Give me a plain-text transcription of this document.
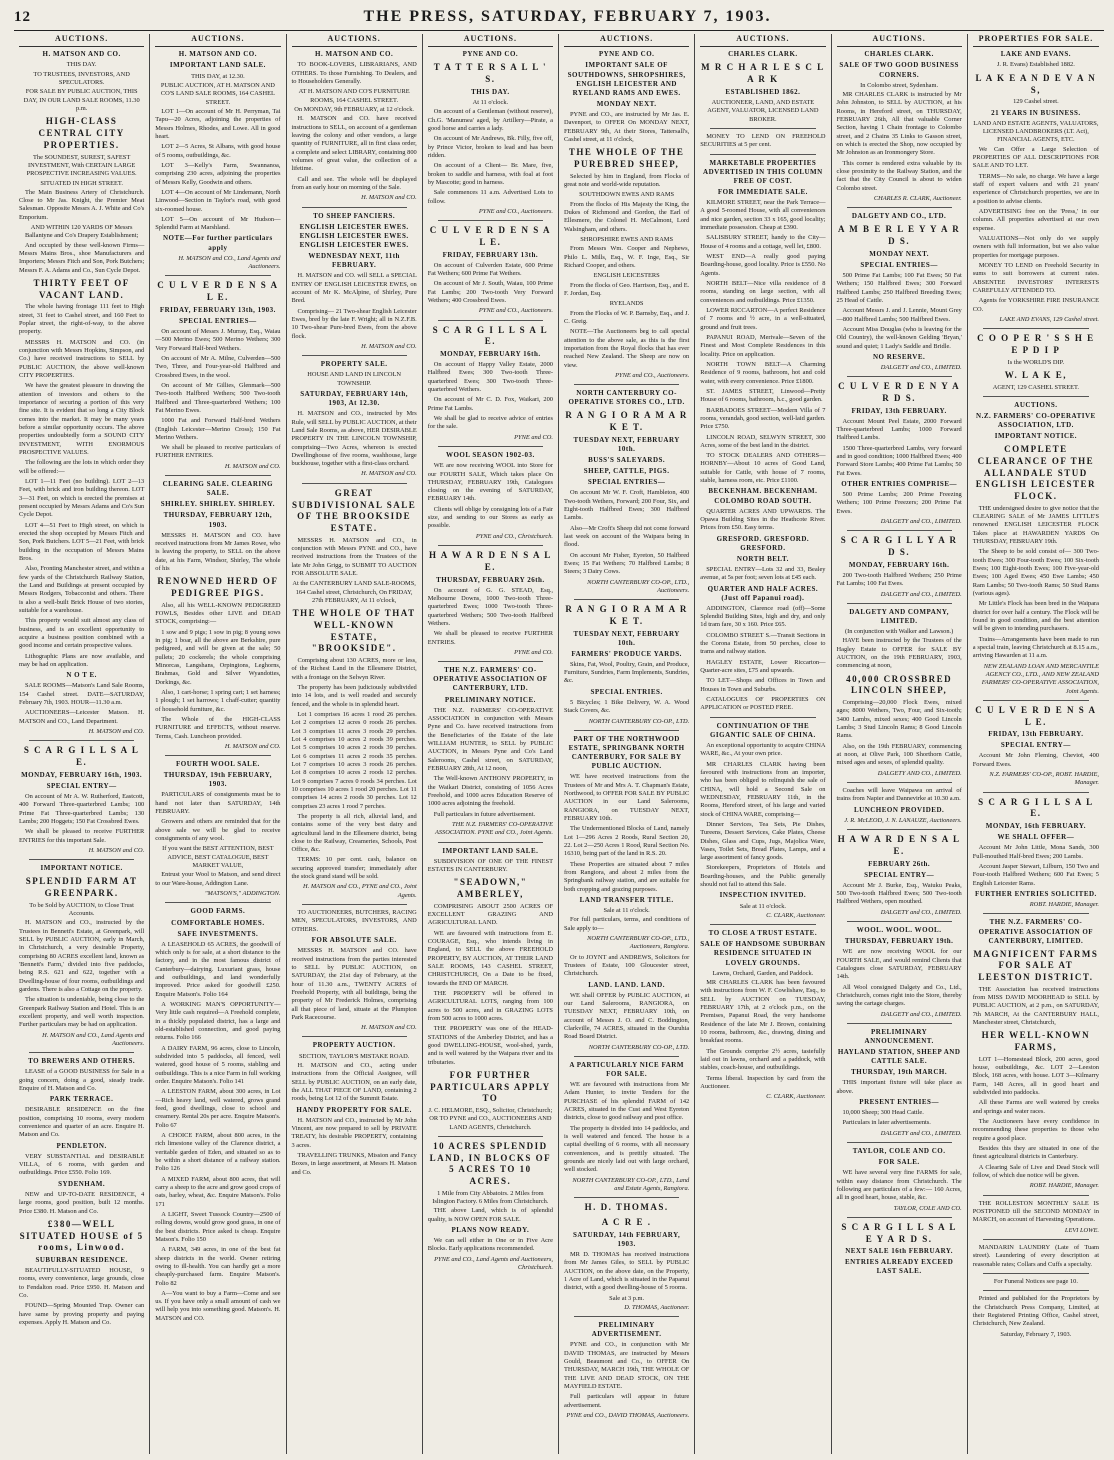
12	THE PRESS, SATURDAY, FEBRUARY 7, 1903.
AUCTIONS.
H. MATSON AND CO.
THIS DAY.
TO TRUSTEES, INVESTORS, AND SPECULATORS.
FOR SALE BY PUBLIC AUCTION, THIS DAY, IN OUR LAND SALE ROOMS, 11.30 p.m.
HIGH-CLASS CENTRAL CITY PROPERTIES.
The SOUNDEST, SUREST, SAFEST INVESTMENT, With CERTAIN LARGE PROSPECTIVE INCREASING VALUES.
SITUATED IN HIGH STREET.

The Main Business Artery of Christchurch. Close to Mr Jas. Knight, the Premier Meat Salesman. Opposite Messrs A. J. White and Co's Emporium.

AND WITHIN 120 YARDS OF Messrs Ballantyne and Co's Drapery Establishment;

And occupied by these well-known Firms—Messrs Mains Bros., shoe Manufacturers and Importers; Messrs Fitch and Son, Pork Butchers; Messrs F. A. Adams and Co., Sun Cycle Depot.

THIRTY FEET OF VACANT LAND.

The whole having frontage 111 feet to High street, 31 feet to Cashel street, and 160 Feet to Poplar street, the right-of-way, to the above property.

MESSRS H. MATSON and CO. (in conjunction with Messrs Hopkins, Simpson, and Co.) have received instructions to SELL by PUBLIC AUCTION, the above well-known CITY PROPERTIES.

We have the greatest pleasure in drawing the attention of investors and others to the importance of securing a portion of this very fine site. It is evident that so long a City Block comes into the market. It may be many years before a similar opportunity occurs. The above properties undoubtedly form a SOUND CITY INVESTMENT, WITH ENORMOUS PROSPECTIVE VALUES.

The following are the lots in which order they will be offered:—

LOT 1—11 Feet (no building). LOT 2—13 Feet, with brick and iron building thereon. LOT 3—31 Feet, on which is erected the premises at present occupied by Messrs Adams and Co's Sun Cycle Depot.

LOT 4—51 Feet to High street, on which is erected the shop occupied by Messrs Fitch and Son, Pork Butchers. LOT 5—21 Feet, with brick building in the occupation of Messrs Mains Bros.

Also, Fronting Manchester street, and within a few yards of the Christchurch Railway Station, the Land and Buildings at present occupied by Messrs Rodgers, Tobacconist and others. There is also a well-built Brick House of two stories, suitable for a warehouse.

This property would suit almost any class of business, and is an excellent opportunity to acquire a business position combined with a good income and certain prospective values.

Lithographic Plans are now available, and may be had on application.

N O T E.

SALE ROOMS—Matson's Land Sale Rooms, 154 Cashel street. DATE—SATURDAY, February 7th, 1903. HOUR—11.30 a.m.

AUCTIONEERS—Leicester Matson. H. MATSON and CO., Land Department.

H. MATSON and CO.
S C A R G I L L S A L E.
MONDAY, FEBRUARY 16th, 1903.
SPECIAL ENTRY—

On account of Mr A. W. Rutherford, Eastcott, 400 Forward Three-quarterbred Lambs; 100 Prime Fat Three-quarterbred Lambs; 130 Lambs; 200 Hoggets; 150 Fat Crossbred Ewes.

We shall be pleased to receive FURTHER ENTRIES for this important Sale.

H. MATSON and CO.
IMPORTANT NOTICE.
SPLENDID FARM AT GREENPARK.
To be Sold by AUCTION, to Close Trust Accounts.

H. MATSON and CO., instructed by the Trustees in Bennett's Estate, at Greenpark, will SELL by PUBLIC AUCTION, early in March, in Christchurch, a very desirable Property, comprising 80 ACRES excellent land, known as 'Bennett's Farm,' divided into five paddocks, being R.S. 621 and 622, together with a Dwelling-house of four rooms, outbuildings and gardens. There is also a Cottage on the property.

The situation is undeniable, being close to the Greenpark Railway Station and Hotel. This is an excellent property, and well worth inspection. Further particulars may be had on application.

H. MATSON and CO., Land Agents and Auctioneers.
TO BREWERS AND OTHERS.

LEASE of a GOOD BUSINESS for Sale in a going concern, doing a good, steady trade. Enquire of H. Matson and Co.

PARK TERRACE.

DESIRABLE RESIDENCE on the fine position, comprising 10 rooms, every modern convenience and quarter of an acre. Enquire H. Matson and Co.

PENDLETON.

VERY SUBSTANTIAL and DESIRABLE VILLA, of 6 rooms, with garden and outbuildings. Price £550. Folio 169.

SYDENHAM.

NEW and UP-TO-DATE RESIDENCE, 4 large rooms, good position, built 12 months. Price £380. H. Matson and Co.

£380—WELL SITUATED HOUSE of 5 rooms, Linwood.
SUBURBAN RESIDENCE.

BEAUTIFULLY-SITUATED HOUSE, 9 rooms, every convenience, large grounds, close to Fendalton road. Price £950. H. Matson and Co.

FOUND—Spring Mounted Trap. Owner can have same by proving property and paying expenses. Apply H. Matson and Co.

AUCTIONS.
H. MATSON AND CO.
IMPORTANT LAND SALE.
THIS DAY, at 12.30.
PUBLIC AUCTION, AT H. MATSON AND CO'S LAND SALE ROOMS, 164 CASHEL STREET.

LOT 1—On account of Mr H. Perryman, Tai Tapu—20 Acres, adjoining the properties of Messrs Holmes, Rhodes, and Lowe. All in good heart.

LOT 2—5 Acres, St Albans, with good house of 5 rooms, outbuildings, &c.

LOT 3—Kelly's Farm, Swannanoa, comprising 230 acres, adjoining the properties of Messrs Kelly, Goodwin and others.

LOT 4—On account of Mr Lindemann, North Linwood—Section in Taylor's road, with good six-roomed house.

LOT 5—On account of Mr Hudson—Splendid Farm at Marshland.

NOTE—For further particulars apply
H. MATSON and CO., Land Agents and Auctioneers.
C U L V E R D E N S A L E.
FRIDAY, FEBRUARY 13th, 1903.
SPECIAL ENTRIES—

On account of Messrs J. Murray, Esq., Waiau—500 Merino Ewes; 500 Merino Wethers; 300 Very Forward Half-bred Wethers.

On account of Mr A. Milne, Culverden—500 Two, Three, and Four-year-old Halfbred and Crossbred Ewes, in the wool.

On account of Mr Gillies, Glenmark—500 Two-tooth Halfbred Wethers; 500 Two-tooth Halfbred and Three-quarterbred Wethers; 100 Fat Merino Ewes.

1000 Fat and Forward Half-bred Wethers (English Leicester—Merino Cross); 150 Fat Merino Wethers.

We shall be pleased to receive particulars of FURTHER ENTRIES.

H. MATSON and CO.
CLEARING SALE. CLEARING SALE.
SHIRLEY. SHIRLEY. SHIRLEY.
THURSDAY, FEBRUARY 12th, 1903.

MESSRS H. MATSON and CO. have received instructions from Mr James Rowe, who is leaving the property, to SELL on the above date, at his Farm, Windsor, Shirley, The whole of his

RENOWNED HERD OF PEDIGREE PIGS.

Also, all his WELL-KNOWN PEDIGREED FOWLS, Besides other LIVE and DEAD STOCK, comprising:—

1 sow and 9 pigs; 1 sow in pig; 8 young sows in pig; 1 boar, all the above are Berkshire, pure pedigreed, and will be given at the sale; 50 pullets; 20 cockerels; the whole comprising Minorcas, Langshans, Orpingtons, Leghorns, Brahmas, Gold and Silver Wyandottes, Dorkings, &c.

Also, 1 cart-horse; 1 spring cart; 1 set harness; 1 plough; 1 set harrows; 1 chaff-cutter; quantity of household furniture, &c.

The Whole of the HIGH-CLASS FURNITURE and EFFECTS, without reserve. Terms, Cash. Luncheon provided.

H. MATSON and CO.
FOURTH WOOL SALE.
THURSDAY, 19th FEBRUARY, 1903.

PARTICULARS of consignments must be to hand not later than SATURDAY, 14th FEBRUARY.

Growers and others are reminded that for the above sale we will be glad to receive consignments of any wool.

If you want the BEST ATTENTION, BEST ADVICE, BEST CATALOGUE, BEST MARKET VALUE,

Entrust your Wool to Matson, and send direct to our Ware-house, Addington Lane.

"MATSON'S," ADDINGTON.
GOOD FARMS.
COMFORTABLE HOMES.
SAFE INVESTMENTS.

A LEASEHOLD 65 ACRES, the goodwill of which only is for sale, at a short distance to the factory, and in the most famous district of Canterbury—dairying. Luxuriant grass, house and outbuildings, and land wonderfully improved. Price asked for goodwill £250. Enquire Matson's. Folio 164

A WORKING MAN'S OPPORTUNITY—Very little cash required—A Freehold complete, in a thickly populated district, has a large and old-established connection, and good paying returns. Folio 166

A DAIRY FARM, 96 acres, close to Lincoln, subdivided into 5 paddocks, all fenced, well watered, good house of 5 rooms, stabling and outbuildings. This is a nice Farm in full working order. Enquire Matson's. Folio 141

A LEESTON FARM, about 300 acres, in Lot—Rich heavy land, well watered, grows grand feed, good dwellings, close to school and creamery. Rental 20s per acre. Enquire Matson's. Folio 67

A CHOICE FARM, about 800 acres, in the rich limestone valley of the Clarence district, a veritable garden of Eden, and situated so as to be within a short distance of a railway station. Folio 126

A MIXED FARM, about 800 acres, that will carry a sheep to the acre and grow good crops of oats, barley, wheat, &c. Enquire Matson's. Folio 171

A LIGHT, Sweet Tussock Country—2500 of rolling downs, would grow good grass, in one of the best districts. Price asked is cheap. Enquire Matson's. Folio 150

A FARM, 349 acres, in one of the best fat sheep districts in the world. Owner retiring owing to ill-health. You can hardly get a more cheaply-purchased farm. Enquire Matson's. Folio 82

A—You want to buy a Farm—Come and see us. If you have only a small amount of cash we will help you into something good. Matson's. H. MATSON and CO.

AUCTIONS.
H. MATSON AND CO.

TO BOOK-LOVERS, LIBRARIANS, AND OTHERS. To those Furnishing. To Dealers, and to Householders Generally.

AT H. MATSON AND CO'S FURNITURE ROOMS, 164 CASHEL STREET.
On MONDAY, 9th FEBRUARY, at 12 o'clock.

H. MATSON and CO. have received instructions to SELL, on account of a gentleman leaving the colony and other vendors, a large quantity of FURNITURE, all in first class order, a complete and select LIBRARY, containing 800 volumes of great value, the collection of a lifetime.

Call and see. The whole will be displayed from an early hour on morning of the Sale.

H. MATSON and CO.
TO SHEEP FANCIERS.
ENGLISH LEICESTER EWES. ENGLISH LEICESTER EWES. ENGLISH LEICESTER EWES.
WEDNESDAY NEXT, 11th FEBRUARY.

H. MATSON and CO. will SELL a SPECIAL ENTRY OF ENGLISH LEICESTER EWES, on account of Mr K. McAlpine, of Shirley, Pure Bred.

Comprising— 21 Two-shear English Leicester Ewes, bred by the late F. Wright; all in N.Z.F.B. 10 Two-shear Pure-bred Ewes, from the above flock.

H. MATSON and CO.
PROPERTY SALE.
HOUSE AND LAND IN LINCOLN TOWNSHIP.
SATURDAY, FEBRUARY 14th, 1903, At 12.30.

H. MATSON and CO., instructed by Mrs Rule, will SELL by PUBLIC AUCTION, at their Land Sale Rooms, as above, HER DESIRABLE PROPERTY IN THE LINCOLN TOWNSHIP, comprising—Two Acres, whereon is erected Dwellinghouse of five rooms, washhouse, large buckhouse, together with a first-class orchard.

H. MATSON and CO.
GREAT SUBDIVISIONAL SALE OF THE BROOKSIDE ESTATE.

MESSRS H. MATSON and CO., in conjunction with Messrs PYNE and CO., have received instructions from the Trustees of the late Mr John Grigg, to SUBMIT TO AUCTION FOR ABSOLUTE SALE.

At the CANTERBURY LAND SALE-ROOMS, 164 Cashel street, Christchurch, On FRIDAY, 27th FEBRUARY, At 11 o'clock,
THE WHOLE OF THAT WELL-KNOWN ESTATE, "BROOKSIDE".

Comprising about 130 ACRES, more or less, of the Richest Land in the Ellesmere District, with a frontage on the Selwyn River.

The property has been judiciously subdivided into 14 lots, and is well roaded and securely fenced, and the whole is in splendid heart.

Lot 1 comprises 16 acres 1 rood 26 perches. Lot 2 comprises 12 acres 0 roods 26 perches. Lot 3 comprises 11 acres 3 roods 29 perches. Lot 4 comprises 10 acres 2 roods 39 perches. Lot 5 comprises 10 acres 2 roods 39 perches. Lot 6 comprises 11 acres 2 roods 35 perches. Lot 7 comprises 10 acres 3 roods 26 perches. Lot 8 comprises 10 acres 2 roods 12 perches. Lot 9 comprises 7 acres 0 roods 34 perches. Lot 10 comprises 10 acres 1 rood 20 perches. Lot 11 comprises 14 acres 2 roods 30 perches. Lot 12 comprises 23 acres 1 rood 7 perches.

The property is all rich, alluvial land, and contains some of the very best dairy and agricultural land in the Ellesmere district, being close to the Railway, Creameries, Schools, Post Office, &c.

TERMS: 10 per cent. cash, balance on securing approved transfer; immediately after the stock grand stand will be sold.

H. MATSON and CO., PYNE and CO., Joint Agents.

TO AUCTIONEERS, BUTCHERS, RACING MEN, SPECULATORS, INVESTORS, AND OTHERS.

FOR ABSOLUTE SALE.

MESSRS H. MATSON and CO. have received instructions from the parties interested to SELL by PUBLIC AUCTION, on SATURDAY, the 21st day of February, at the hour of 11.30 a.m., TWENTY ACRES of Freehold Property, with all buildings, being the property of Mr Frederick Holmes, comprising all that piece of land, situate at the Plumpton Park Racecourse.

H. MATSON and CO.
PROPERTY AUCTION.
SECTION, TAYLOR'S MISTAKE ROAD.

H. MATSON and CO., acting under instructions from the Official Assignee, will SELL by PUBLIC AUCTION, on an early date, the ALL THAT PIECE OF LAND, containing 2 roods, being Lot 12 of the Summit Estate.

HANDY PROPERTY FOR SALE.

H. MATSON and CO., instructed by Mr John Vincent, are now prepared to sell by PRIVATE TREATY, his desirable PROPERTY, containing 3 acres.

TRAVELLING TRUNKS, Mission and Fancy Boxes, in large assortment, at Messrs H. Matson and Co.

AUCTIONS.
PYNE AND CO.
T A T T E R S A L L ' S.
THIS DAY.
At 11 o'clock.

On account of a Gentleman (without reserve), Ch.G. 'Manumea' aged, by Artillery—Pirate, a good horse and carries a lady.

On account of Mr Andrews, Bk. Filly, five off, by Prince Victor, broken to lead and has been ridden.

On account of a Client— Br. Mare, five, broken to saddle and harness, with foal at foot by Mascotte; good in harness.

Sale commences 11 a.m. Advertised Lots to follow.

PYNE and CO., Auctioneers.
C U L V E R D E N S A L E.
FRIDAY, FEBRUARY 13th.

On account of Culverden Estate, 600 Prime Fat Wethers; 600 Prime Fat Wethers.

On account of Mr J. South, Waiau, 100 Prime Fat Lambs; 200 Two-tooth Very Forward Wethers; 400 Crossbred Ewes.

PYNE and CO., Auctioneers.
S C A R G I L L S A L E.
MONDAY, FEBRUARY 16th.

On account of Happy Valley Estate, 2000 Halfbred Ewes; 300 Two-tooth Three-quarterbred Ewes; 300 Two-tooth Three-quarterbred Wethers.

On account of Mr C. D. Fox, Waikari, 200 Prime Fat Lambs.

We shall be glad to receive advice of entries for the sale.

PYNE and CO.
WOOL SEASON 1902-03.

WE are now receiving WOOL into Store for our FOURTH SALE, Which takes place On THURSDAY, FEBRUARY 19th, Catalogues closing on the evening of SATURDAY, FEBRUARY 14th.

Clients will oblige by consigning lots of a Fair size, and sending to our Stores as early as possible.

PYNE and CO., Christchurch.
H A W A R D E N S A L E.
THURSDAY, FEBRUARY 26th.

On account of G. G. STEAD, Esq., Melbourne Downs, 1000 Two-tooth Three-quarterbred Ewes; 1000 Two-tooth Three-quarterbred Wethers; 500 Two-tooth Halfbred Wethers.

We shall be pleased to receive FURTHER ENTRIES.

PYNE and CO.
THE N.Z. FARMERS' CO-OPERATIVE ASSOCIATION OF CANTERBURY, LTD.
PRELIMINARY NOTICE.

THE N.Z. FARMERS' CO-OPERATIVE ASSOCIATION in conjunction with Messrs Pyne and Co. have received instructions from the Beneficiaries of the Estate of the late WILLIAM HUNTER, to SELL by PUBLIC AUCTION, in Messrs Pyne and Co's Land Salerooms, Cashel street, on SATURDAY, FEBRUARY 28th, At 12 noon,

The Well-known ANTHONY PROPERTY, in the Waikari District, consisting of 1056 Acres Freehold, and 1000 acres Education Reserve of 1000 acres adjoining the freehold.

Full particulars in future advertisement.

THE N.Z. FARMERS' CO-OPERATIVE ASSOCIATION. PYNE and CO., Joint Agents.
IMPORTANT LAND SALE.

SUBDIVISION OF ONE OF THE FINEST ESTATES IN CANTERBURY.

"SEADOWN," AMBERLEY,

COMPRISING ABOUT 2500 ACRES OF EXCELLENT GRAZING AND AGRICULTURAL LAND.

WE are favoured with instructions from E. COURAGE, Esq., who intends living in England, to SELL the above FREEHOLD PROPERTY, BY AUCTION, AT THEIR LAND SALE ROOMS, 143 CASHEL STREET, CHRISTCHURCH, On a Date to be fixed, towards the END OF MARCH.

THE PROPERTY will be offered in AGRICULTURAL LOTS, ranging from 100 acres to 500 acres, and in GRAZING LOTS from 500 acres to 1000 acres.

THE PROPERTY was one of the HEAD-STATIONS of the Amberley District, and has a good DWELLING-HOUSE, wool-shed, yards, and is well watered by the Waipara river and its tributaries.

FOR FURTHER PARTICULARS APPLY TO
J. C. HELMORE, ESQ., Solicitor, Christchurch; OR TO PYNE and CO., AUCTIONEERS AND LAND AGENTS, Christchurch.
10 ACRES SPLENDID LAND, IN BLOCKS OF 5 ACRES TO 10 ACRES.
1 Mile from City Abbatoirs. 2 Miles from Islington Factory. 6 Miles from Christchurch.

THE above Land, which is of splendid quality, is NOW OPEN FOR SALE.

PLANS NOW READY.

We can sell either in One or in Five Acre Blocks. Early applications recommended.

PYNE and CO., Land Agents and Auctioneers, Christchurch.
AUCTIONS.
PYNE AND CO.
IMPORTANT SALE OF SOUTHDOWNS, SHROPSHIRES, ENGLISH LEICESTER AND RYELAND RAMS AND EWES.
MONDAY NEXT.

PYNE and CO., are instructed by Mr Jas. E. Davenport, to OFFER On MONDAY NEXT, FEBRUARY 9th, At their Stores, Tattersall's, Cashel street, at 11 o'clock,

THE WHOLE OF THE PUREBRED SHEEP,

Selected by him in England, from Flocks of great note and world-wide reputation.

SOUTHDOWN EWES AND RAMS

From the flocks of His Majesty the King, the Dukes of Richmond and Gordon, the Earl of Ellesmere, the Colonel H. McCalmont, Lord Walsingham, and others.

SHROPSHIRE EWES AND RAMS

From Messrs Wm. Cooper and Nephews, Philo L. Mills, Esq., W. F. Inge, Esq., Sir Richard Cooper, and others.

ENGLISH LEICESTERS

From the flocks of Geo. Harrison, Esq., and E. F. Jordan, Esq.

RYELANDS

From the Flocks of W. P. Barnsby, Esq., and J. C. Greig.

NOTE—The Auctioneers beg to call special attention to the above sale, as this is the first importation from the Royal flocks that has ever reached New Zealand. The Sheep are now on view.

PYNE and CO., Auctioneers.
NORTH CANTERBURY CO-OPERATIVE STORES CO., LTD.
R A N G I O R A M A R K E T.
TUESDAY NEXT, FEBRUARY 10th.
BUSS'S SALEYARDS.
SHEEP, CATTLE, PIGS.
SPECIAL ENTRIES—

On account Mr W. F. Croft, Hambleton, 400 Two-tooth Wethers, Forward; 200 Four, Six, and Eight-tooth Halfbred Ewes; 300 Halfbred Lambs.

Also—Mr Croft's Sheep did not come forward last week on account of the Waipara being in flood.

On account Mr Fisher, Eyreton, 50 Halfbred Ewes; 15 Fat Wethers; 70 Halfbred Lambs; 8 Steers; 3 Dairy Cows.

NORTH CANTERBURY CO-OP., LTD., Auctioneers.
R A N G I O R A M A R K E T.
TUESDAY NEXT, FEBRUARY 10th.
FARMERS' PRODUCE YARDS.

Skins, Fat, Wool, Poultry, Grain, and Produce, Furniture, Sundries, Farm Implements, Sundries, &c.

SPECIAL ENTRIES.

5 Bicycles; 1 Bike Delivery, W. A. Wood Stack Covers, &c.

NORTH CANTERBURY CO-OP., LTD.
PART OF THE NORTHWOOD ESTATE, SPRINGBANK NORTH CANTERBURY, FOR SALE BY PUBLIC AUCTION.

WE have received instructions from the Trustees of Mr and Mrs A. T. Chapman's Estate, Northwood, to OFFER FOR SALE BY PUBLIC AUCTION in our Land Salerooms, RANGIORA, on TUESDAY NEXT, FEBRUARY 10th.

The Undermentioned Blocks of Land, namely Lot 1—296 Acres 2 Roods, Rural Section 20, 22. Lot 2—250 Acres 1 Rood, Rural Section No. 16310, being part of the land in R.S. 20.

These Properties are situated about 7 miles from Rangiora, and about 2 miles from the Springbank railway station, and are suitable for both cropping and grazing purposes.

LAND TRANSFER TITLE.
Sale at 11 o'clock.

For full particulars, terms, and conditions of Sale apply to—

NORTH CANTERBURY CO-OP., LTD., Auctioneers, Rangiora.

Or to JOYNT and ANDREWS, Solicitors for Trustees of Estate, 100 Gloucester street, Christchurch.

LAND. LAND. LAND.

WE shall OFFER by PUBLIC AUCTION, at our Land Salerooms, RANGIORA, on TUESDAY NEXT, FEBRUARY 10th, on account of Messrs J. O. and C. Boddington, Clarkville, 74 ACRES, situated in the Ouruhia Road Board District.

NORTH CANTERBURY CO-OP., LTD.
A PARTICULARLY NICE FARM FOR SALE.

WE are favoured with instructions from Mr Adam Hunter, to invite Tenders for the PURCHASE of his splendid FARM of 142 ACRES, situated in the Cust and West Eyreton districts, close to good railway and post office.

The property is divided into 14 paddocks, and is well watered and fenced. The house is a capital dwelling of 6 rooms, with all necessary conveniences, and is prettily situated. The grounds are nicely laid out with large orchard, well stocked.

NORTH CANTERBURY CO-OP., LTD., Land and Estate Agents, Rangiora.
H. D. THOMAS.
A C R E .
SATURDAY, 14th FEBRUARY, 1903.

MR D. THOMAS has received instructions from Mr James Giles, to SELL by PUBLIC AUCTION, on the above date, on the Property, 1 Acre of Land, which is situated in the Papanui district, with a good dwelling-house of 5 rooms.

Sale at 3 p.m.
D. THOMAS, Auctioneer.
PRELIMINARY ADVERTISEMENT.

PYNE and CO., in conjunction with Mr DAVID THOMAS, are instructed by Messrs Gould, Beaumont and Co., to OFFER On THURSDAY, MARCH 19th, THE WHOLE OF THE LIVE AND DEAD STOCK, ON THE MAYFIELD ESTATE.

Full particulars will appear in future advertisement.

PYNE and CO., DAVID THOMAS, Auctioneers.
AUCTIONS.
CHARLES CLARK.
M R C H A R L E S C L A R K
ESTABLISHED 1862.
AUCTIONEER, LAND, AND ESTATE AGENT, VALUATOR, LICENSED LAND BROKER.

MONEY TO LEND ON FREEHOLD SECURITIES at 5 per cent.

MARKETABLE PROPERTIES ADVERTISED IN THIS COLUMN FREE OF COST.
FOR IMMEDIATE SALE.

KILMORE STREET, near the Park Terrace—A good 5-roomed House, with all conveniences and nice garden, section 33 x 165, good locality; immediate possession. Cheap at £390.

SALISBURY STREET, handy to the City—House of 4 rooms and a cottage, well let, £800.

WEST END—A really good paying Boarding-house, good locality. Price is £550. No Agents.

NORTH BELT—Nice villa residence of 8 rooms, standing on large section, with all conveniences and outbuildings. Price £1350.

LOWER RICCARTON—A perfect Residence of 7 rooms and ½ acre, in a well-situated, ground and fruit trees.

PAPANUI ROAD, Merivale—Seven of the Finest and Most Complete Residences in this locality. Price on application.

NORTH TOWN BELT—A Charming Residence of 9 rooms, bathroom, hot and cold water, with every convenience. Price £1800.

ST. JAMES STREET, Linwood—Pretty House of 6 rooms, bathroom, h.c., good garden.

BARBADOES STREET—Modern Villa of 7 rooms, verandah, good section, well-laid garden. Price £750.

LINCOLN ROAD, SELWYN STREET, 300 Acres, some of the best land in the district.

TO STOCK DEALERS AND OTHERS—HORNBY—About 10 acres of Good Land, suitable for Cattle, with house of 7 rooms, stable, harness room, etc. Price £1100.

BECKENHAM. BECKENHAM. COLOMBO ROAD SOUTH.

QUARTER ACRES AND UPWARDS. The Opawa Building Sites in the Heathcote River. Prices from £50. Easy terms.

GRESFORD. GRESFORD. GRESFORD.
NORTH BELT.

SPECIAL ENTRY—Lots 32 and 33, Bealey avenue, at 5s per foot; seven lots at £45 each.

QUARTER AND HALF ACRES. (Just off Papanui road).

ADDINGTON, Clarence road (off)—Some Splendid Building Sites, high and dry, and only 1d tram fare, 30 x 160. Price £65.

COLOMBO STREET S.—Transit Sections in the Corona Estate, from 50 perches, close to trams and railway station.

HAGLEY ESTATE, Lower Riccarton—Quarter-acre sites, £75 and upwards.

TO LET—Shops and Offices in Town and Houses in Town and Suburbs.

CATALOGUES OF PROPERTIES ON APPLICATION or POSTED FREE.

CONTINUATION OF THE GIGANTIC SALE OF CHINA.

An exceptional opportunity to acquire CHINA WARE, &c., At your own price.

MR CHARLES CLARK having been favoured with instructions from an importer, who has been obliged to relinquish the sale of CHINA, will hold a Second Sale on WEDNESDAY, FEBRUARY 11th, in the Rooms, Hereford street, of his large and varied stock of CHINA WARE, comprising—

Dinner Services, Tea Sets, Pie Dishes, Tureens, Dessert Services, Cake Plates, Cheese Dishes, Glass and Cups, Jugs, Majolica Ware, Vases, Toilet Sets, Bread Plates, Lamps, and a large assortment of fancy goods.

Storekeepers, Proprietors of Hotels and Boarding-houses, and the Public generally should not fail to attend this Sale.

INSPECTION INVITED.
Sale at 11 o'clock.
C. CLARK, Auctioneer.
TO CLOSE A TRUST ESTATE.
SALE OF HANDSOME SUBURBAN RESIDENCE SITUATED IN LOVELY GROUNDS.
Lawns, Orchard, Garden, and Paddock.

MR CHARLES CLARK has been favoured with instructions from W. F. Cowlishaw, Esq., to SELL by AUCTION on TUESDAY, FEBRUARY 17th, at 2 o'clock p.m., on the Premises, Papanui Road, the very handsome Residence of the late Mr J. Brown, containing 10 rooms, bathroom, &c., drawing, dining and breakfast rooms.

The Grounds comprise 2½ acres, tastefully laid out in lawns, orchard and a paddock, with stables, coach-house, and outbuildings.

Terms liberal. Inspection by card from the Auctioneer.

C. CLARK, Auctioneer.
AUCTIONS.
CHARLES CLARK.
SALE OF TWO GOOD BUSINESS CORNERS.
In Colombo street, Sydenham.

MR CHARLES CLARK is instructed by Mr John Johnston, to SELL by AUCTION, at his Rooms, in Hereford street, on THURSDAY, FEBRUARY 26th, All that valuable Corner Section, having 1 Chain frontage to Colombo street, and 2 Chains 35 Links to Gasson street, on which is erected the Shop, now occupied by Mr Johnston as an Ironmongery Store.

This corner is rendered extra valuable by its close proximity to the Railway Station, and the fact that the City Council is about to widen Colombo street.

CHARLES R. CLARK, Auctioneer.
DALGETY AND CO., LTD.
A M B E R L E Y Y A R D S.
MONDAY NEXT.
SPECIAL ENTRIES—

500 Prime Fat Lambs; 100 Fat Ewes; 50 Fat Wethers; 150 Halfbred Ewes; 300 Forward Halfbred Lambs; 250 Halfbred Breeding Ewes; 25 Head of Cattle.

Account Messrs J. and J. Lennie, Mount Grey—800 Halfbred Lambs; 500 Halfbred Ewes.

Account Miss Douglas (who is leaving for the Old Country), the well-known Gelding 'Bryan,' sound and quiet; 1 Lady's Saddle and Bridle.

NO RESERVE.
DALGETY and CO., LIMITED.
C U L V E R D E N Y A R D S.
FRIDAY, 13th FEBRUARY.

Account Mount Peel Estate, 2000 Forward Three-quarterbred Lambs; 1000 Forward Halfbred Lambs.

1500 Three-quarterbred Lambs, very forward and in good condition; 1000 Halfbred Ewes; 400 Forward Store Lambs; 400 Prime Fat Lambs; 50 Fat Ewes.

OTHER ENTRIES COMPRISE—

500 Prime Lambs; 200 Prime Freezing Wethers; 100 Prime Freezers; 200 Prime Fat Ewes.

DALGETY and CO., LIMITED.
S C A R G I L L Y A R D S.
MONDAY, FEBRUARY 16th.

200 Two-tooth Halfbred Wethers; 250 Prime Fat Lambs; 100 Fat Ewes.

DALGETY and CO., LIMITED.
DALGETY AND COMPANY, LIMITED.
(In conjunction with Walker and Lawson.)

HAVE been instructed by the Trustees of the Hagley Estate to OFFER for SALE BY AUCTION, on the 19th FEBRUARY, 1903, commencing at noon,

40,000 CROSSBRED LINCOLN SHEEP,

Comprising—20,000 Flock Ewes, mixed ages; 8000 Wethers, Two, Four, and Six-tooth; 3400 Lambs, mixed sexes; 400 Good Lincoln Lambs; 3 Stud Lincoln Rams; 8 Good Lincoln Rams.

Also, on the 19th FEBRUARY, commencing at noon, at Olive Park, 100 Shorthorn Cattle, mixed ages and sexes, of splendid quality.

DALGETY AND CO., LIMITED.

Coaches will leave Waipawa on arrival of trains from Napier and Dannevirke at 10.30 a.m.

LUNCHEON PROVIDED.
J. R. McLEOD, J. N. LANAUZE, Auctioneers.
H A W A R D E N S A L E.
FEBRUARY 26th.
SPECIAL ENTRY—

Account Mr J. Burke, Esq., Waiuku Peaks, 500 Two-tooth Halfbred Ewes; 500 Two-tooth Halfbred Wethers, open mouthed.

DALGETY and CO., LIMITED.
WOOL. WOOL. WOOL.
THURSDAY, FEBRUARY 19th.

WE are now receiving WOOL for our FOURTH SALE, and would remind Clients that Catalogues close SATURDAY, FEBRUARY 14th.

All Wool consigned Dalgety and Co., Ltd., Christchurch, comes right into the Store, thereby saving the cartage charges.

DALGETY and CO., LIMITED.
PRELIMINARY ANNOUNCEMENT.
HAYLAND STATION, SHEEP AND CATTLE SALE.
THURSDAY, 19th MARCH.

THIS important fixture will take place as above.

PRESENT ENTRIES—

10,000 Sheep; 300 Head Cattle.

Particulars in later advertisements.

DALGETY and CO., LIMITED.
TAYLOR, COLE AND CO.
FOR SALE.

WE have several very fine FARMS for sale, within easy distance from Christchurch. The following are particulars of a few:— 160 Acres, all in good heart, house, stable, &c.

TAYLOR, COLE AND CO.
S C A R G I L L S A L E Y A R D S.
NEXT SALE 16th FEBRUARY.
ENTRIES ALREADY EXCEED LAST SALE.
PROPERTIES FOR SALE.
LAKE AND EVANS.
J. R. Evans) Established 1882.
L A K E A N D E V A N S,
129 Cashel street.
21 YEARS IN BUSINESS.
LAND AND ESTATE AGENTS, VALUATORS, LICENSED LANDBROKERS (LT. Act), FINANCIAL AGENTS, ETC.

We Can Offer a Large Selection of PROPERTIES OF ALL DESCRIPTIONS FOR SALE AND TO LET.

TERMS—No sale, no charge. We have a large staff of expert valuers and with 21 years' experience of Christchurch properties, we are in a position to advise clients.

ADVERTISING free on the 'Press,' in our column. All properties advertised at our own expense.

VALUATIONS—Not only do we supply owners with full information, but we also value properties for mortgage purposes.

MONEY TO LEND on Freehold Security in sums to suit borrowers at current rates. ABSENTEE INVESTORS' INTERESTS CAREFULLY ATTENDED TO.

Agents for YORKSHIRE FIRE INSURANCE CO.

LAKE AND EVANS, 129 Cashel street.
C O O P E R ' S S H E E P D I P
Is the WORLD'S DIP.
W. L A K E,
AGENT, 129 CASHEL STREET.
AUCTIONS.
N.Z. FARMERS' CO-OPERATIVE ASSOCIATION, LTD.
IMPORTANT NOTICE.
COMPLETE CLEARANCE OF THE ALLANDALE STUD ENGLISH LEICESTER FLOCK.

THE undersigned desire to give notice that the CLEARING SALE of Mr JAMES LITTLE'S renowned ENGLISH LEICESTER FLOCK Takes place at HAWARDEN YARDS On THURSDAY, FEBRUARY 19th.

The Sheep to be sold consist of— 300 Two-tooth Ewes; 300 Four-tooth Ewes; 100 Six-tooth Ewes; 100 Eight-tooth Ewes; 100 Five-year-old Ewes; 100 Aged Ewes; 450 Ewe Lambs; 450 Ram Lambs; 50 Two-tooth Rams; 50 Stud Rams (various ages).

Mr Little's Flock has been bred in the Waipara district for over half a century. The Flock will be found in good condition, and the best attention will be given to intending purchasers.

Trains—Arrangements have been made to run a special train, leaving Christchurch at 8.15 a.m., arriving Hawarden at 11 a.m.

NEW ZEALAND LOAN AND MERCANTILE AGENCY CO., LTD., AND NEW ZEALAND FARMERS' CO-OPERATIVE ASSOCIATION, Joint Agents.
C U L V E R D E N S A L E.
FRIDAY, 13th FEBRUARY.
SPECIAL ENTRY—

Account Mr John Fleming, Cheviot, 400 Forward Ewes.

N.Z. FARMERS' CO-OP., ROBT. HARDIE, Manager.
S C A R G I L L S A L E.
MONDAY, 16th FEBRUARY.
WE SHALL OFFER—

Account Mr John Little, Mona Sands, 300 Full-mouthed Half-bred Ewes; 200 Lambs.

Account Jasper Stewart, Lilburn, 150 Two and Four-tooth Halfbred Wethers; 600 Fat Ewes; 5 English Leicester Rams.

FURTHER ENTRIES SOLICITED.
ROBT. HARDIE, Manager.
THE N.Z. FARMERS' CO-OPERATIVE ASSOCIATION OF CANTERBURY, LIMITED.
MAGNIFICENT FARMS FOR SALE AT LEESTON DISTRICT.

THE Association has received instructions from MISS DAVID MOORHEAD to SELL by PUBLIC AUCTION, at 2 p.m., on SATURDAY, 7th MARCH, At the CANTERBURY HALL, Manchester street, Christchurch,

HER WELL-KNOWN FARMS,

LOT 1—Homestead Block, 200 acres, good house, outbuildings, &c. LOT 2—Leeston Block, 168 acres, with house. LOT 3—Kilmarry Farm, 148 Acres, all in good heart and subdivided into paddocks.

All these Farms are well watered by creeks and springs and water races.

The Auctioneers have every confidence in recommending these properties to those who require a good place.

Besides this they are situated in one of the finest agricultural districts in Canterbury.

A Clearing Sale of Live and Dead Stock will follow, of which due notice will be given.

ROBT. HARDIE, Manager.

THE ROLLESTON MONTHLY SALE IS POSTPONED till the SECOND MONDAY in MARCH, on account of Harvesting Operations.

LEVI LOWE.

MANDARIN LAUNDRY (Late of Tuam street). Laundering of every description at reasonable rates; Collars and Cuffs a specialty.

For Funeral Notices see page 10.

Printed and published for the Proprietors by the Christchurch Press Company, Limited, at their Registered Printing Office, Cashel street, Christchurch, New Zealand.

Saturday, February 7, 1903.
